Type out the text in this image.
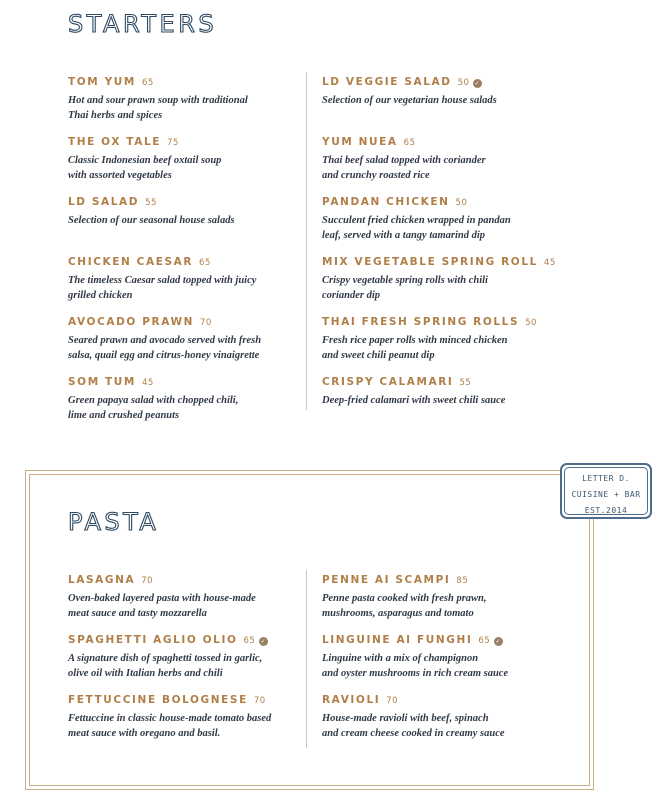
STARTERS
TOM YUM 65
Hot and sour prawn soup with traditional
Thai herbs and spices
THE OX TALE 75
Classic Indonesian beef oxtail soup
with assorted vegetables
LD SALAD 55
Selection of our seasonal house salads
CHICKEN CAESAR 65
The timeless Caesar salad topped with juicy
grilled chicken
AVOCADO PRAWN 70
Seared prawn and avocado served with fresh
salsa, quail egg and citrus-honey vinaigrette
SOM TUM 45
Green papaya salad with chopped chili,
lime and crushed peanuts
LD VEGGIE SALAD 50 ✓
Selection of our vegetarian house salads
YUM NUEA 65
Thai beef salad topped with coriander
and crunchy roasted rice
PANDAN CHICKEN 50
Succulent fried chicken wrapped in pandan
leaf, served with a tangy tamarind dip
MIX VEGETABLE SPRING ROLL 45
Crispy vegetable spring rolls with chili
coriander dip
THAI FRESH SPRING ROLLS 50
Fresh rice paper rolls with minced chicken
and sweet chili peanut dip
CRISPY CALAMARI 55
Deep-fried calamari with sweet chili sauce
LETTER D.
CUISINE + BAR
EST.2014
PASTA
LASAGNA 70
Oven-baked layered pasta with house-made
meat sauce and tasty mozzarella
SPAGHETTI AGLIO OLIO 65 ✓
A signature dish of spaghetti tossed in garlic,
olive oil with Italian herbs and chili
FETTUCCINE BOLOGNESE 70
Fettuccine in classic house-made tomato based
meat sauce with oregano and basil.
PENNE AI SCAMPI 85
Penne pasta cooked with fresh prawn,
mushrooms, asparagus and tomato
LINGUINE AI FUNGHI 65 ✓
Linguine with a mix of champignon
and oyster mushrooms in rich cream sauce
RAVIOLI 70
House-made ravioli with beef, spinach
and cream cheese cooked in creamy sauce
